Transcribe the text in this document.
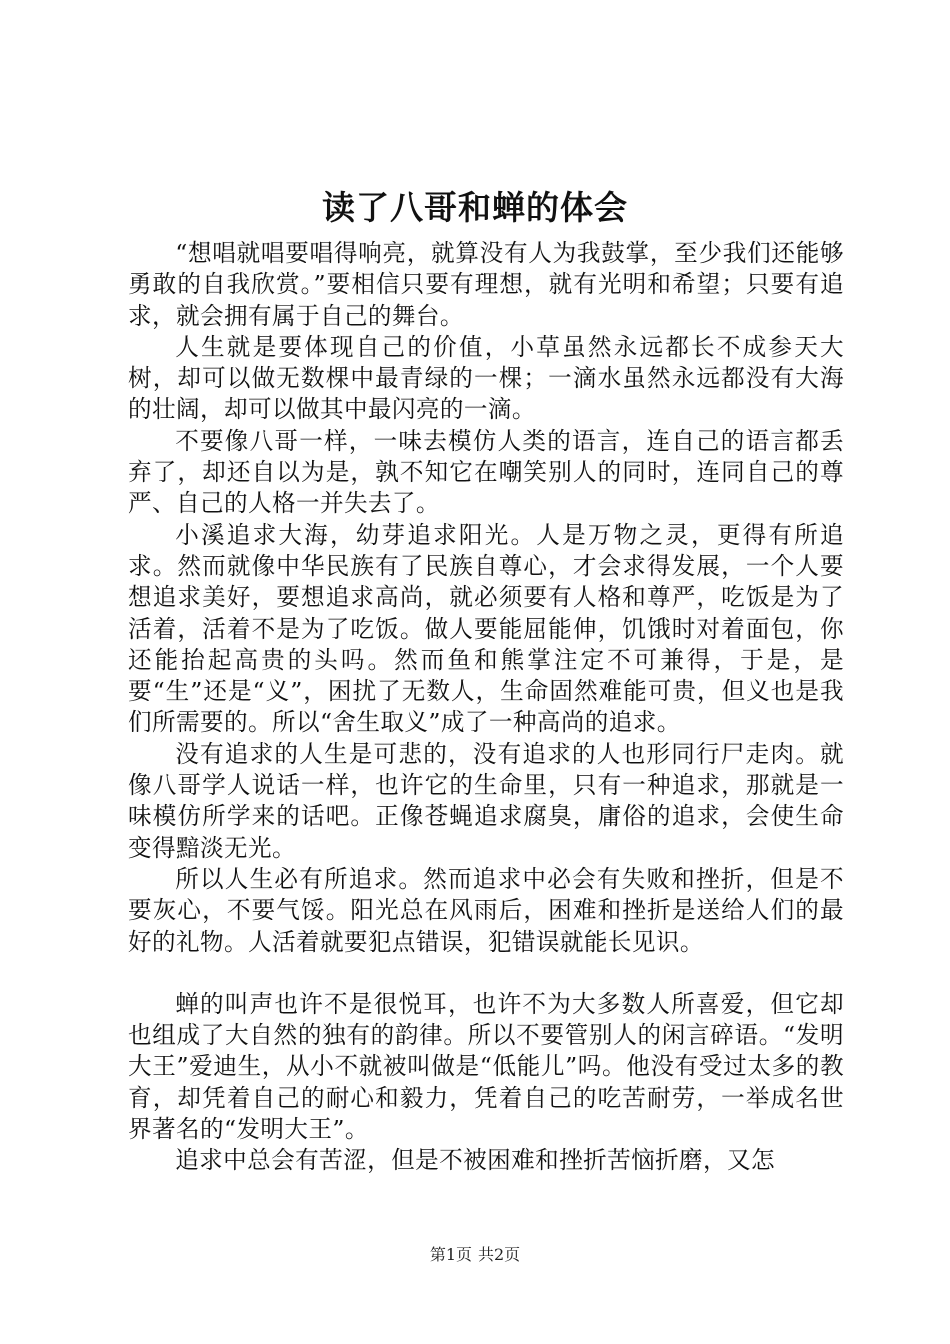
读了八哥和蝉的体会

“想唱就唱要唱得响亮，就算没有人为我鼓掌，至少我们还能够勇敢的自我欣赏。”要相信只要有理想，就有光明和希望；只要有追求，就会拥有属于自己的舞台。

人生就是要体现自己的价值，小草虽然永远都长不成参天大树，却可以做无数棵中最青绿的一棵；一滴水虽然永远都没有大海的壮阔，却可以做其中最闪亮的一滴。

不要像八哥一样，一味去模仿人类的语言，连自己的语言都丢弃了，却还自以为是，孰不知它在嘲笑别人的同时，连同自己的尊严、自己的人格一并失去了。

小溪追求大海，幼芽追求阳光。人是万物之灵，更得有所追求。然而就像中华民族有了民族自尊心，才会求得发展，一个人要想追求美好，要想追求高尚，就必须要有人格和尊严，吃饭是为了活着，活着不是为了吃饭。做人要能屈能伸，饥饿时对着面包，你还能抬起高贵的头吗。然而鱼和熊掌注定不可兼得，于是，是要“生”还是“义”，困扰了无数人，生命固然难能可贵，但义也是我们所需要的。所以“舍生取义”成了一种高尚的追求。

没有追求的人生是可悲的，没有追求的人也形同行尸走肉。就像八哥学人说话一样，也许它的生命里，只有一种追求，那就是一味模仿所学来的话吧。正像苍蝇追求腐臭，庸俗的追求，会使生命变得黯淡无光。

所以人生必有所追求。然而追求中必会有失败和挫折，但是不要灰心，不要气馁。阳光总在风雨后，困难和挫折是送给人们的最好的礼物。人活着就要犯点错误，犯错误就能长见识。

蝉的叫声也许不是很悦耳，也许不为大多数人所喜爱，但它却也组成了大自然的独有的韵律。所以不要管别人的闲言碎语。“发明大王”爱迪生，从小不就被叫做是“低能儿”吗。他没有受过太多的教育，却凭着自己的耐心和毅力，凭着自己的吃苦耐劳，一举成名世界著名的“发明大王”。

追求中总会有苦涩，但是不被困难和挫折苦恼折磨，又怎

第1页 共2页
